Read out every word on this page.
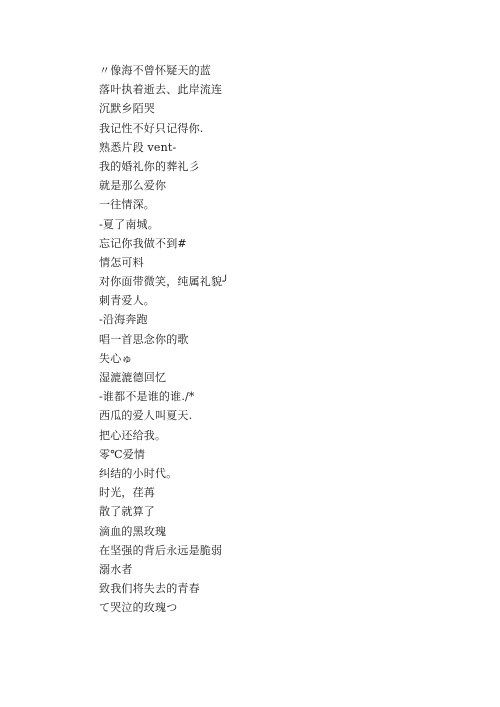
〃像海不曾怀疑天的蓝
落叶执着逝去、此岸流连
沉默乡陌哭
我记性不好只记得你.
熟悉片段 vent-
我的婚礼你的葬礼彡
就是那么爱你
一往情深。
-夏了南城。
忘记你我做不到#
情怎可料
对你面带微笑，纯属礼貌╯
刺青爱人。
-沿海奔跑
唱一首思念你的歌
失心ゅ
湿漉漉德回忆
-谁都不是谁的谁./*
西瓜的爱人叫夏天.
把心还给我。
零℃爱情
纠结的小时代。
时光，荏苒
散了就算了
滴血的黑玫瑰
在坚强的背后永远是脆弱
溺水者
致我们将失去的青春
て哭泣的玫瑰つ
